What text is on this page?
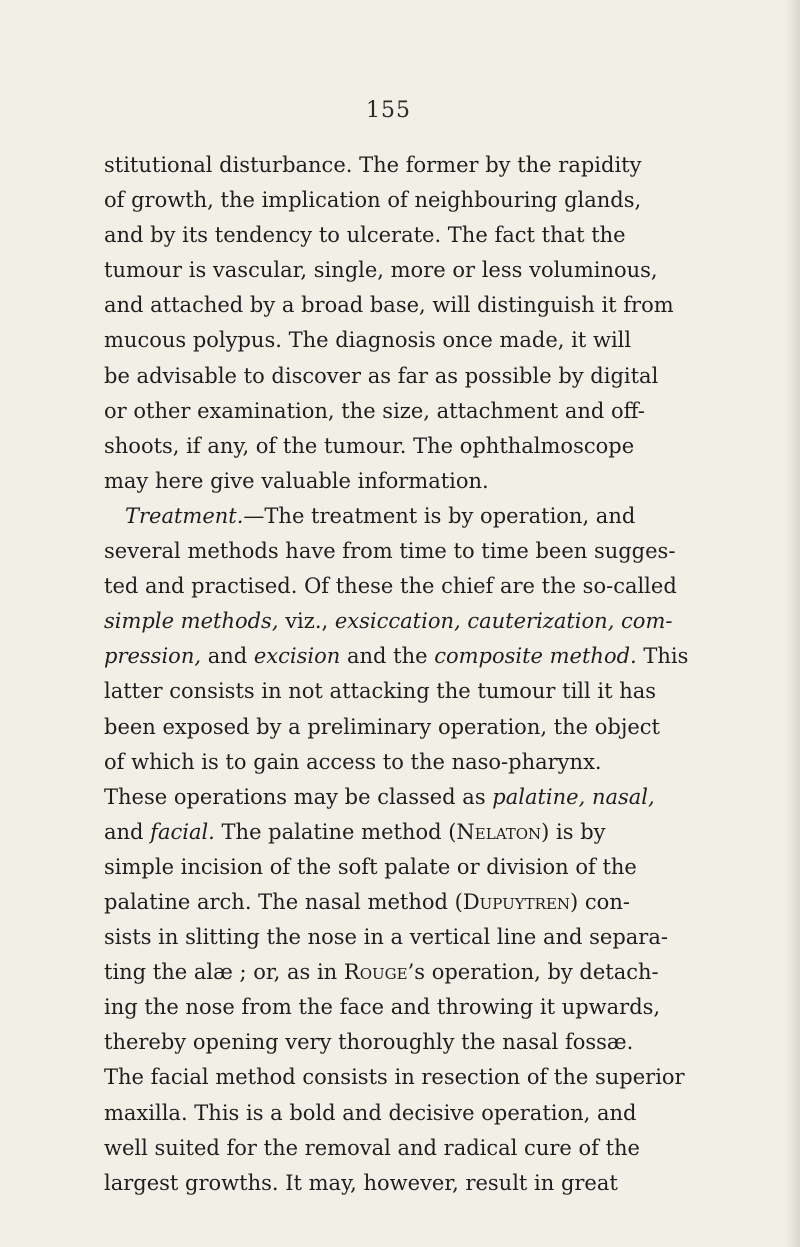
155
stitutional disturbance. The former by the rapidity
of growth, the implication of neighbouring glands,
and by its tendency to ulcerate. The fact that the
tumour is vascular, single, more or less voluminous,
and attached by a broad base, will distinguish it from
mucous polypus. The diagnosis once made, it will
be advisable to discover as far as possible by digital
or other examination, the size, attachment and off-
shoots, if any, of the tumour. The ophthalmoscope
may here give valuable information.
Treatment.—The treatment is by operation, and
several methods have from time to time been sugges-
ted and practised. Of these the chief are the so-called
simple methods, viz., exsiccation, cauterization, com-
pression, and excision and the composite method. This
latter consists in not attacking the tumour till it has
been exposed by a preliminary operation, the object
of which is to gain access to the naso-pharynx.
These operations may be classed as palatine, nasal,
and facial. The palatine method (Nelaton) is by
simple incision of the soft palate or division of the
palatine arch. The nasal method (Dupuytren) con-
sists in slitting the nose in a vertical line and separa-
ting the alæ ; or, as in Rouge’s operation, by detach-
ing the nose from the face and throwing it upwards,
thereby opening very thoroughly the nasal fossæ.
The facial method consists in resection of the superior
maxilla. This is a bold and decisive operation, and
well suited for the removal and radical cure of the
largest growths. It may, however, result in great
